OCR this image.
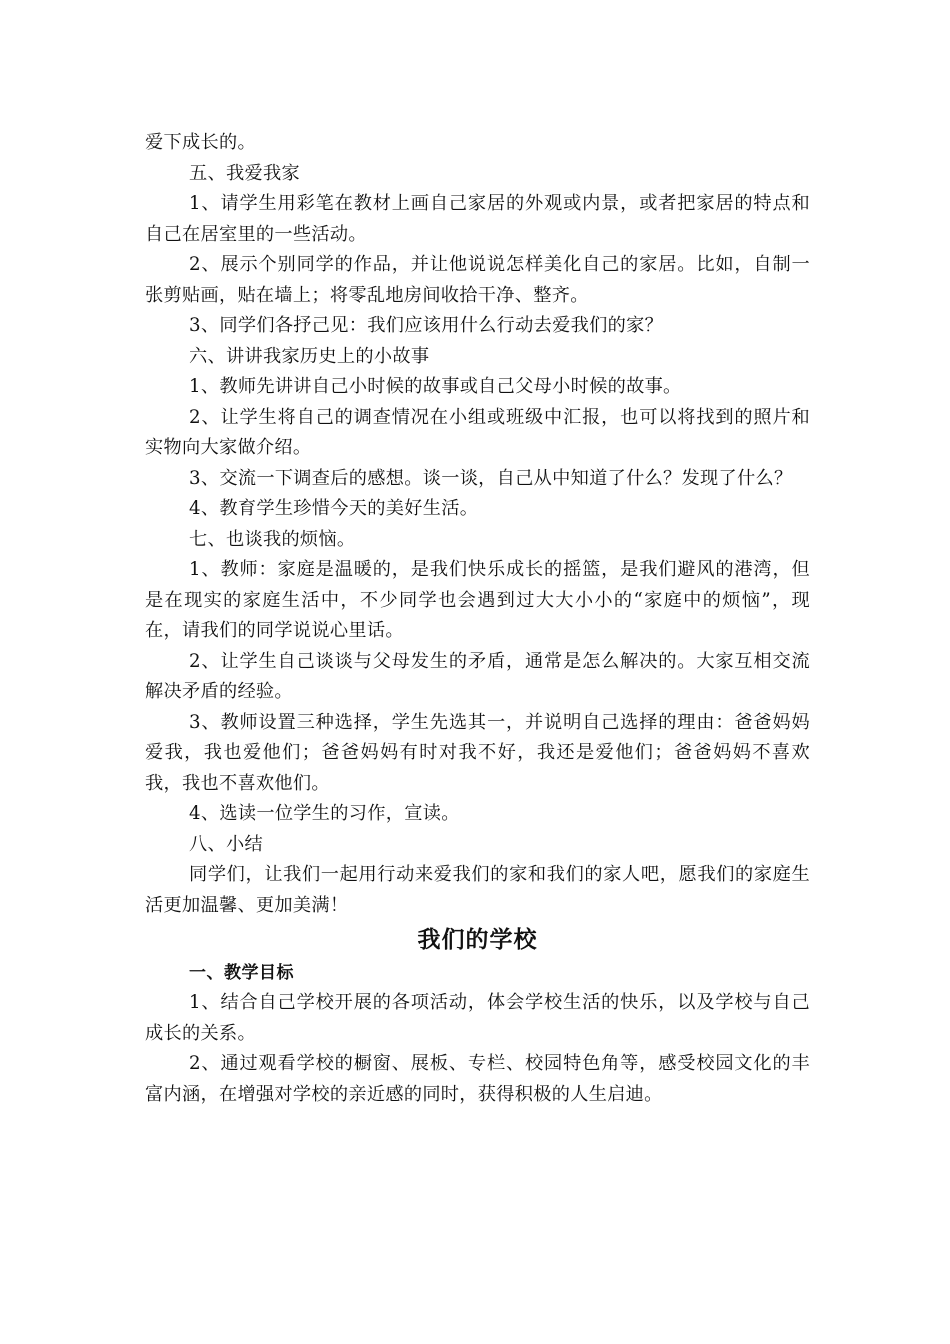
爱下成长的。

五、我爱我家

1、请学生用彩笔在教材上画自己家居的外观或内景，或者把家居的特点和自己在居室里的一些活动。

2、展示个别同学的作品，并让他说说怎样美化自己的家居。比如，自制一张剪贴画，贴在墙上；将零乱地房间收拾干净、整齐。

3、同学们各抒己见：我们应该用什么行动去爱我们的家？

六、讲讲我家历史上的小故事

1、教师先讲讲自己小时候的故事或自己父母小时候的故事。

2、让学生将自己的调查情况在小组或班级中汇报，也可以将找到的照片和实物向大家做介绍。

3、交流一下调查后的感想。谈一谈，自己从中知道了什么？发现了什么？

4、教育学生珍惜今天的美好生活。

七、也谈我的烦恼。

1、教师：家庭是温暖的，是我们快乐成长的摇篮，是我们避风的港湾，但是在现实的家庭生活中，不少同学也会遇到过大大小小的“家庭中的烦恼”，现在，请我们的同学说说心里话。

2、让学生自己谈谈与父母发生的矛盾，通常是怎么解决的。大家互相交流解决矛盾的经验。

3、教师设置三种选择，学生先选其一，并说明自己选择的理由：爸爸妈妈爱我，我也爱他们；爸爸妈妈有时对我不好，我还是爱他们；爸爸妈妈不喜欢我，我也不喜欢他们。

4、选读一位学生的习作，宣读。

八、小结

同学们，让我们一起用行动来爱我们的家和我们的家人吧，愿我们的家庭生活更加温馨、更加美满！

我们的学校

一、教学目标

1、结合自己学校开展的各项活动，体会学校生活的快乐，以及学校与自己成长的关系。

2、通过观看学校的橱窗、展板、专栏、校园特色角等，感受校园文化的丰富内涵，在增强对学校的亲近感的同时，获得积极的人生启迪。
